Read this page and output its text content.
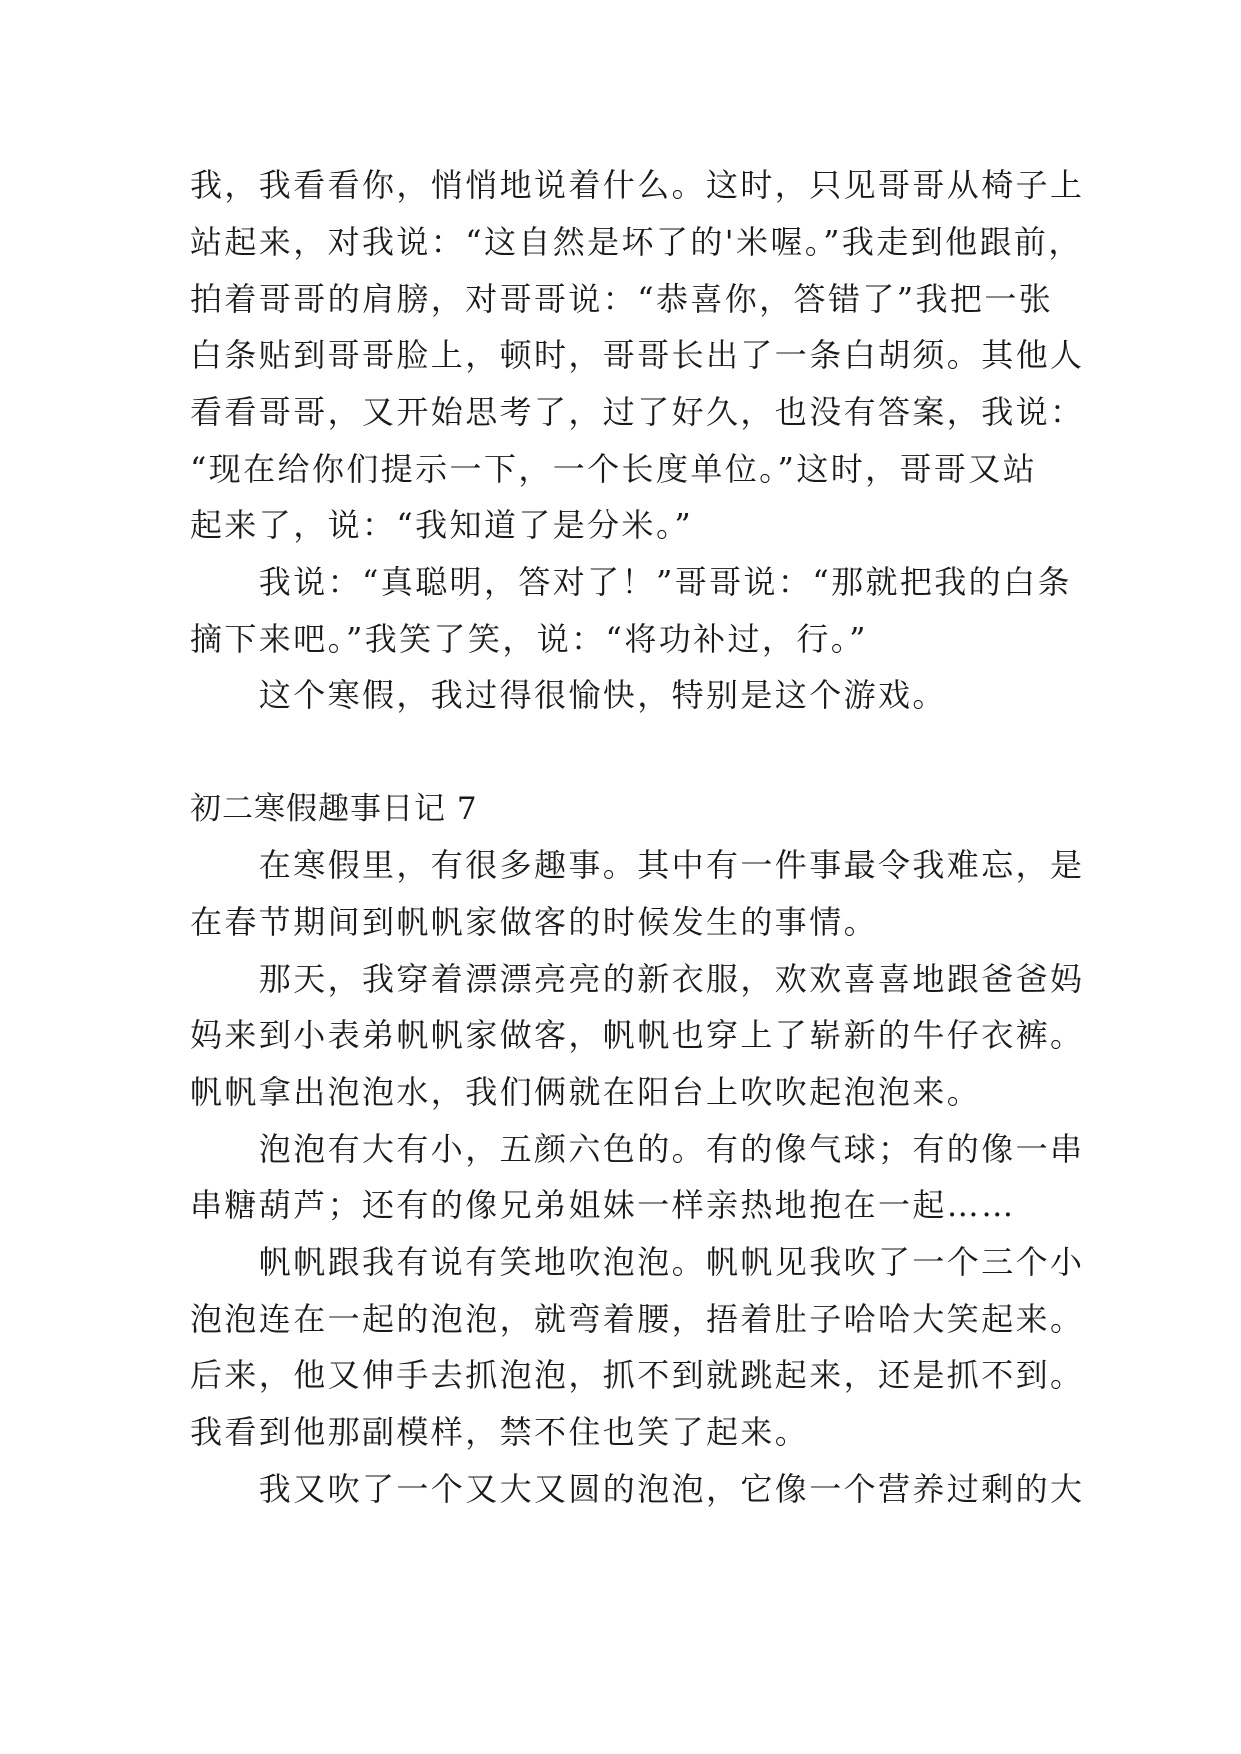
我，我看看你，悄悄地说着什么。这时，只见哥哥从椅子上
站起来，对我说：“这自然是坏了的'米喔。”我走到他跟前，
拍着哥哥的肩膀，对哥哥说：“恭喜你，答错了”我把一张
白条贴到哥哥脸上，顿时，哥哥长出了一条白胡须。其他人
看看哥哥，又开始思考了，过了好久，也没有答案，我说：
“现在给你们提示一下，一个长度单位。”这时，哥哥又站
起来了，说：“我知道了是分米。”
　　我说：“真聪明，答对了！”哥哥说：“那就把我的白条
摘下来吧。”我笑了笑，说：“将功补过，行。”
　　这个寒假，我过得很愉快，特别是这个游戏。
初二寒假趣事日记 7
　　在寒假里，有很多趣事。其中有一件事最令我难忘，是
在春节期间到帆帆家做客的时候发生的事情。
　　那天，我穿着漂漂亮亮的新衣服，欢欢喜喜地跟爸爸妈
妈来到小表弟帆帆家做客，帆帆也穿上了崭新的牛仔衣裤。
帆帆拿出泡泡水，我们俩就在阳台上吹吹起泡泡来。
　　泡泡有大有小，五颜六色的。有的像气球；有的像一串
串糖葫芦；还有的像兄弟姐妹一样亲热地抱在一起……
　　帆帆跟我有说有笑地吹泡泡。帆帆见我吹了一个三个小
泡泡连在一起的泡泡，就弯着腰，捂着肚子哈哈大笑起来。
后来，他又伸手去抓泡泡，抓不到就跳起来，还是抓不到。
我看到他那副模样，禁不住也笑了起来。
　　我又吹了一个又大又圆的泡泡，它像一个营养过剩的大
